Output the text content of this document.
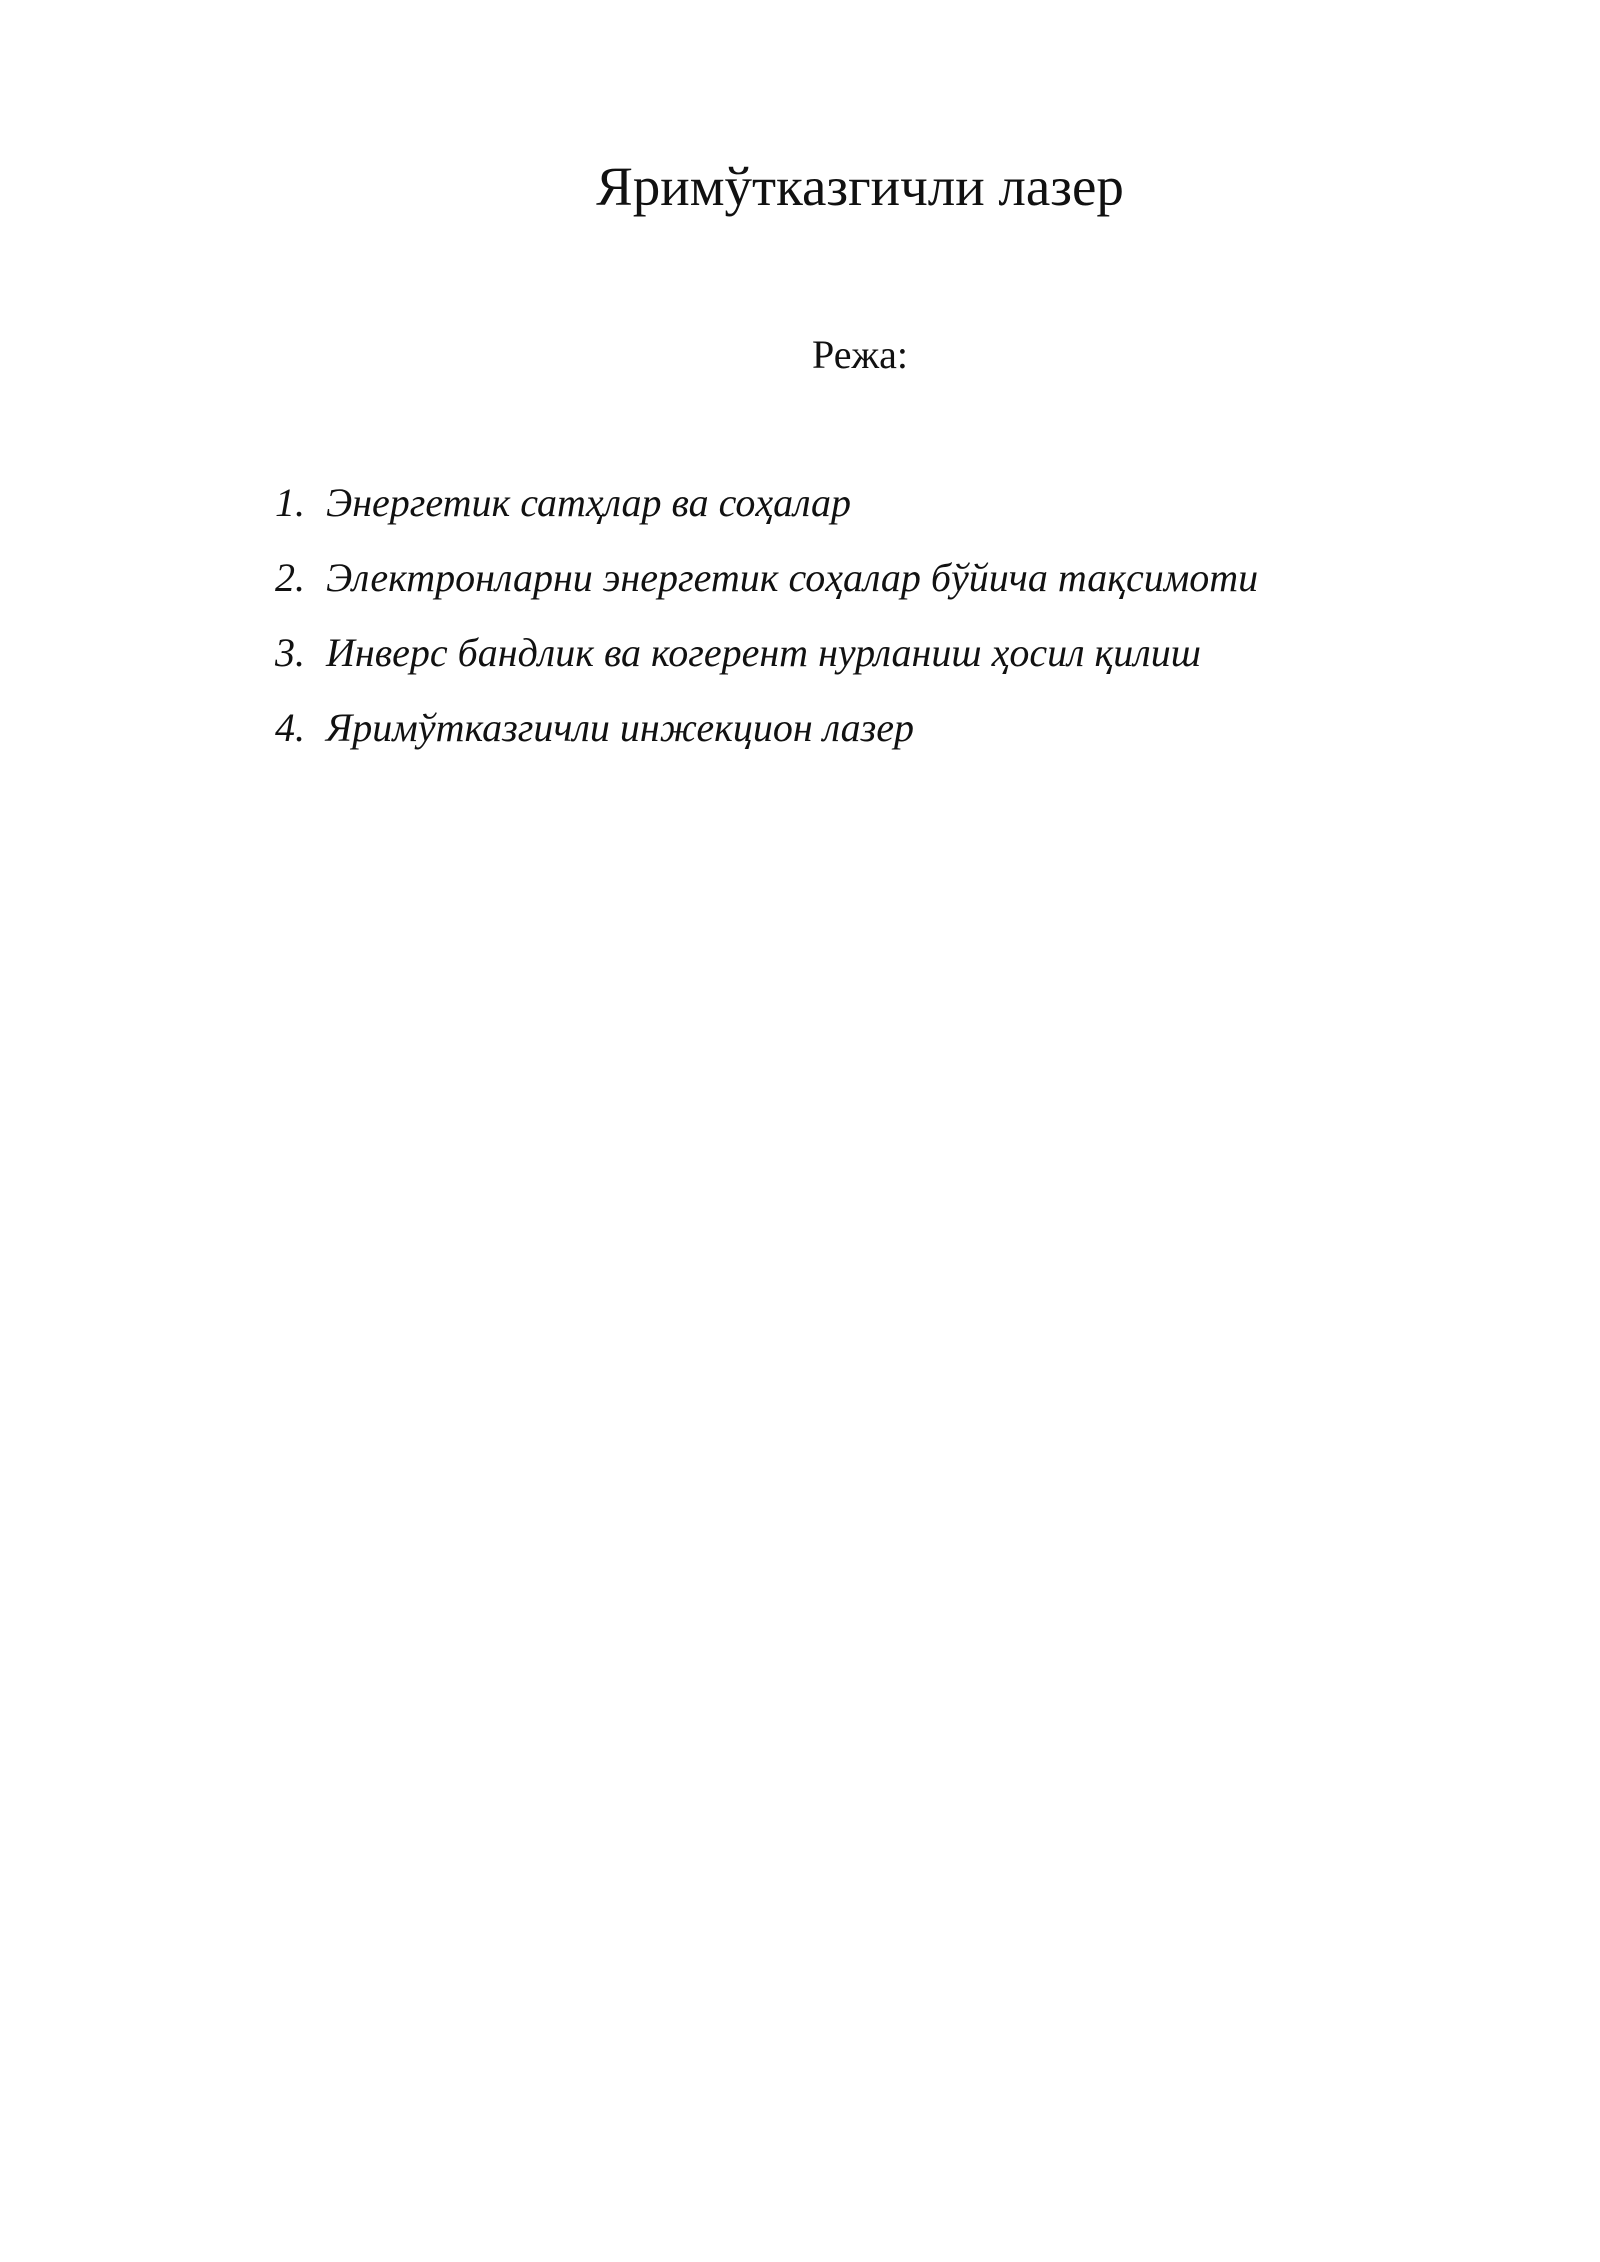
Яримўтказгичли лазер

Режа:

1. Энергетик сатҳлар ва соҳалар
2. Электронларни энергетик соҳалар бўйича тақсимоти
3. Инверс бандлик ва когерент нурланиш ҳосил қилиш
4. Яримўтказгичли инжекцион лазер
